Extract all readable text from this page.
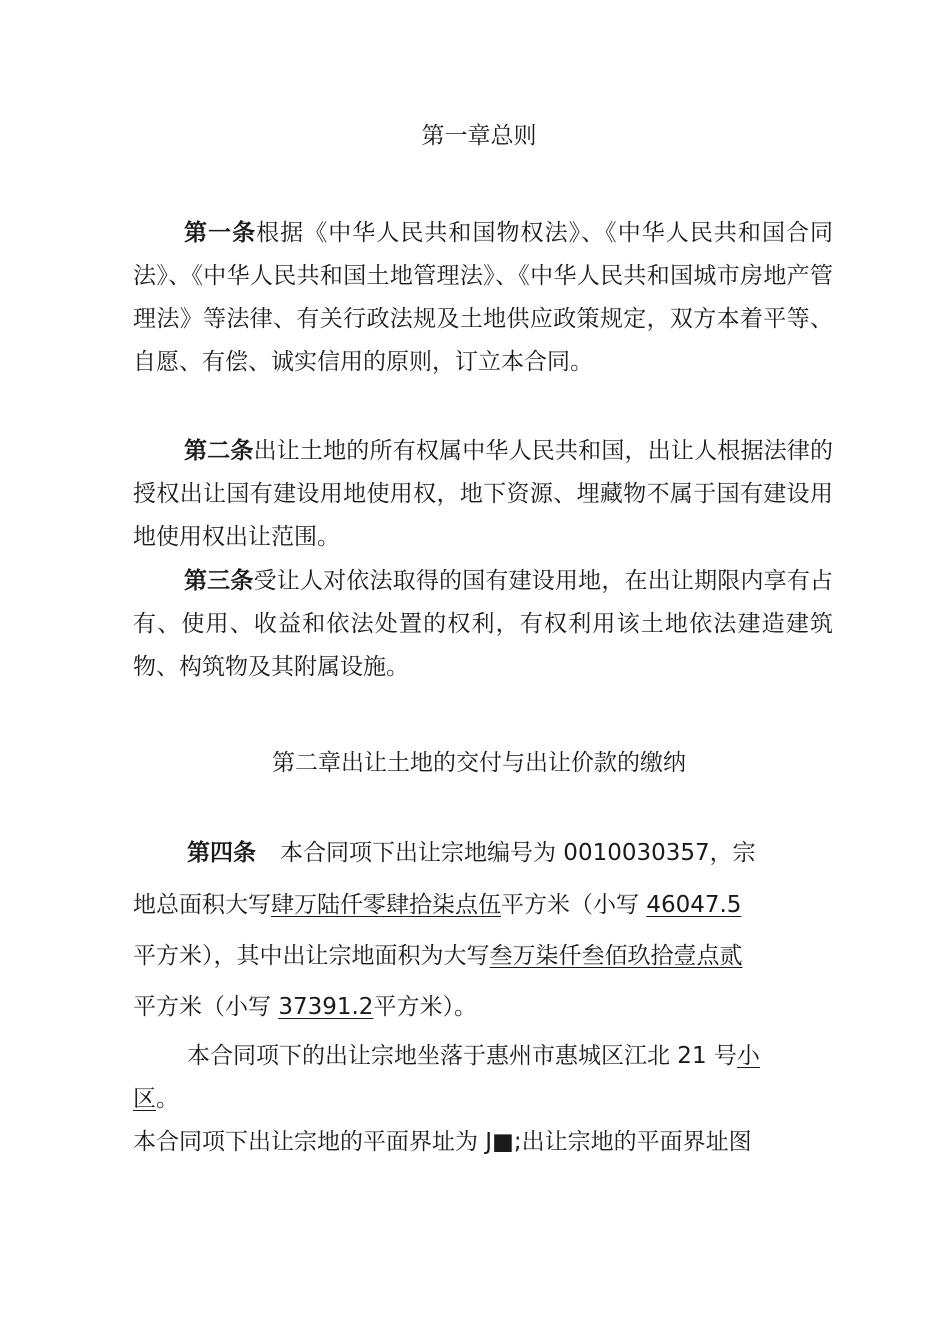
第一章总则

第一条根据《中华人民共和国物权法》、《中华人民共和国合同法》、《中华人民共和国土地管理法》、《中华人民共和国城市房地产管理法》等法律、有关行政法规及土地供应政策规定，双方本着平等、自愿、有偿、诚实信用的原则，订立本合同。

第二条出让土地的所有权属中华人民共和国，出让人根据法律的授权出让国有建设用地使用权，地下资源、埋藏物不属于国有建设用地使用权出让范围。

第三条受让人对依法取得的国有建设用地，在出让期限内享有占有、使用、收益和依法处置的权利，有权利用该土地依法建造建筑物、构筑物及其附属设施。

第二章出让土地的交付与出让价款的缴纳
第四条 本合同项下出让宗地编号为 0010030357，宗
地总面积大写肆万陆仟零肆拾柒点伍平方米（小写 46047.5
平方米），其中出让宗地面积为大写叁万柒仟叁佰玖拾壹点贰
平方米（小写 37391.2平方米）。
本合同项下的出让宗地坐落于惠州市惠城区江北 21 号小
区。
本合同项下出让宗地的平面界址为 J■;出让宗地的平面界址图
